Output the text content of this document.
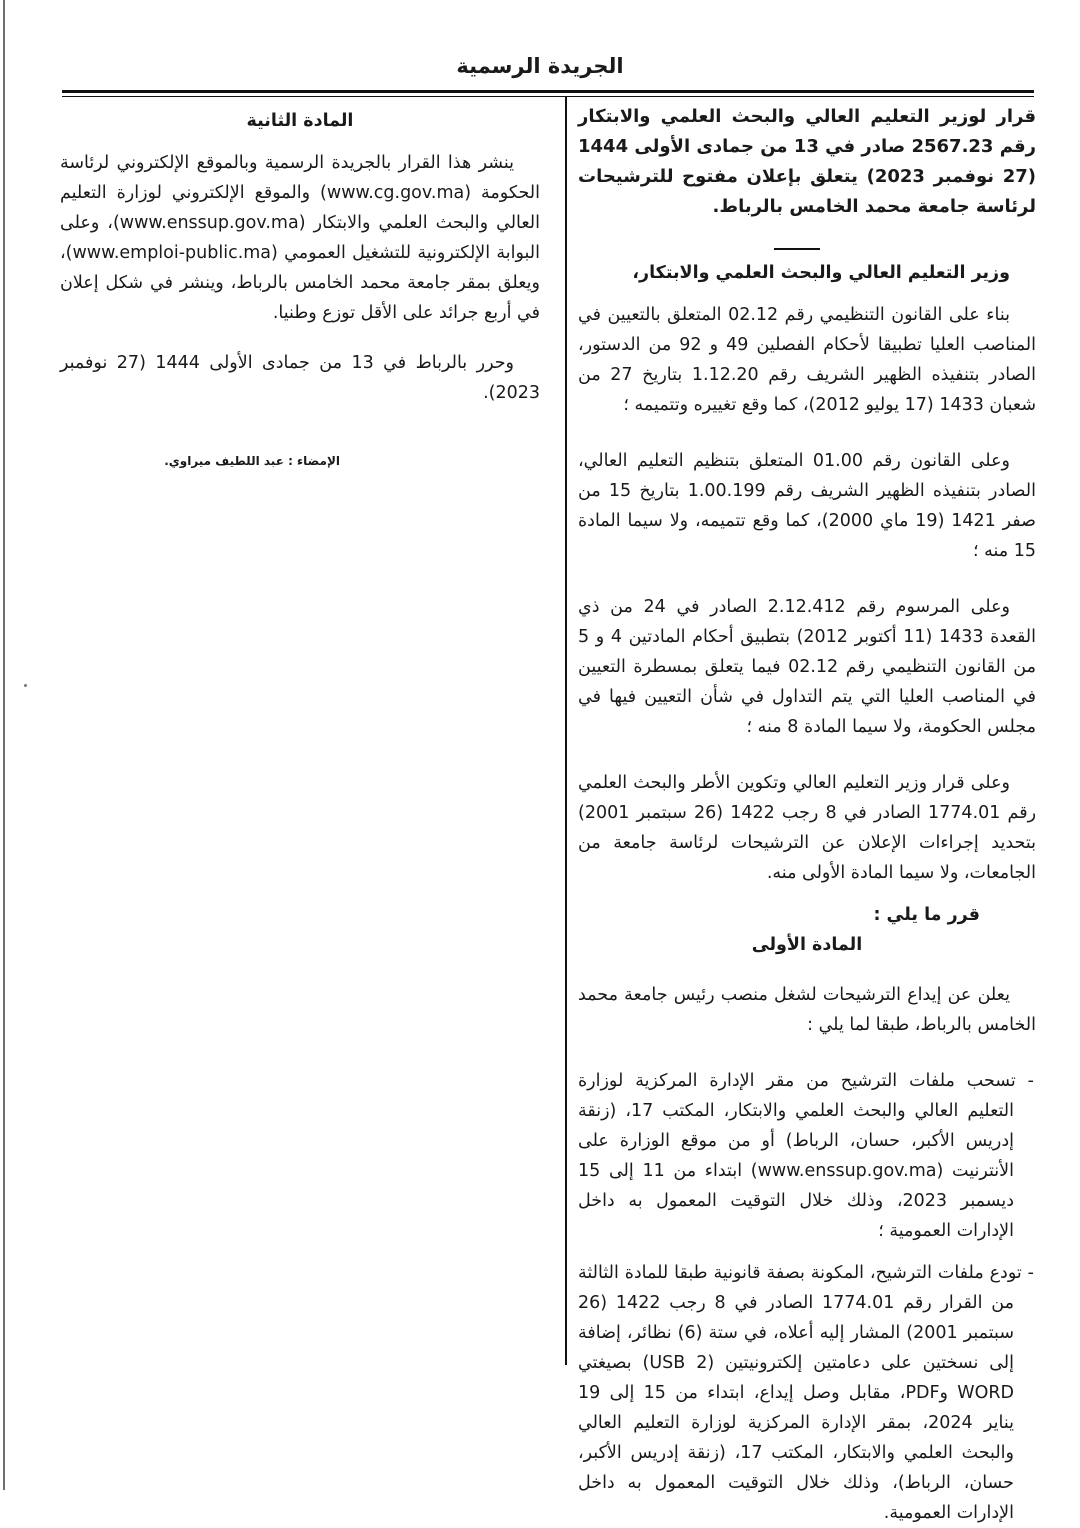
الجريدة الرسمية

قرار لوزير التعليم العالي والبحث العلمي والابتكار رقم 2567.23 صادر في 13 من جمادى الأولى 1444 (27 نوفمبر 2023) يتعلق بإعلان مفتوح للترشيحات لرئاسة جامعة محمد الخامس بالرباط.

وزير التعليم العالي والبحث العلمي والابتكار،

بناء على القانون التنظيمي رقم 02.12 المتعلق بالتعيين في المناصب العليا تطبيقا لأحكام الفصلين 49 و 92 من الدستور، الصادر بتنفيذه الظهير الشريف رقم 1.12.20 بتاريخ 27 من شعبان 1433 (17 يوليو 2012)، كما وقع تغييره وتتميمه ؛

وعلى القانون رقم 01.00 المتعلق بتنظيم التعليم العالي، الصادر بتنفيذه الظهير الشريف رقم 1.00.199 بتاريخ 15 من صفر 1421 (19 ماي 2000)، كما وقع تتميمه، ولا سيما المادة 15 منه ؛

وعلى المرسوم رقم 2.12.412 الصادر في 24 من ذي القعدة 1433 (11 أكتوبر 2012) بتطبيق أحكام المادتين 4 و 5 من القانون التنظيمي رقم 02.12 فيما يتعلق بمسطرة التعيين في المناصب العليا التي يتم التداول في شأن التعيين فيها في مجلس الحكومة، ولا سيما المادة 8 منه ؛

وعلى قرار وزير التعليم العالي وتكوين الأطر والبحث العلمي رقم 1774.01 الصادر في 8 رجب 1422 (26 سبتمبر 2001) بتحديد إجراءات الإعلان عن الترشيحات لرئاسة جامعة من الجامعات، ولا سيما المادة الأولى منه.

قرر ما يلي :

المادة الأولى

يعلن عن إيداع الترشيحات لشغل منصب رئيس جامعة محمد الخامس بالرباط، طبقا لما يلي :

- تسحب ملفات الترشيح من مقر الإدارة المركزية لوزارة التعليم العالي والبحث العلمي والابتكار، المكتب 17، (زنقة إدريس الأكبر، حسان، الرباط) أو من موقع الوزارة على الأنترنيت (www.enssup.gov.ma) ابتداء من 11 إلى 15 ديسمبر 2023، وذلك خلال التوقيت المعمول به داخل الإدارات العمومية ؛

- تودع ملفات الترشيح، المكونة بصفة قانونية طبقا للمادة الثالثة من القرار رقم 1774.01 الصادر في 8 رجب 1422 (26 سبتمبر 2001) المشار إليه أعلاه، في ستة (6) نظائر، إضافة إلى نسختين على دعامتين إلكترونيتين (2 USB) بصيغتي WORD وPDF، مقابل وصل إيداع، ابتداء من 15 إلى 19 يناير 2024، بمقر الإدارة المركزية لوزارة التعليم العالي والبحث العلمي والابتكار، المكتب 17، (زنقة إدريس الأكبر، حسان، الرباط)، وذلك خلال التوقيت المعمول به داخل الإدارات العمومية.

المادة الثانية

ينشر هذا القرار بالجريدة الرسمية وبالموقع الإلكتروني لرئاسة الحكومة (www.cg.gov.ma) والموقع الإلكتروني لوزارة التعليم العالي والبحث العلمي والابتكار (www.enssup.gov.ma)، وعلى البوابة الإلكترونية للتشغيل العمومي (www.emploi-public.ma)، ويعلق بمقر جامعة محمد الخامس بالرباط، وينشر في شكل إعلان في أربع جرائد على الأقل توزع وطنيا.

وحرر بالرباط في 13 من جمادى الأولى 1444 (27 نوفمبر 2023).

الإمضاء : عبد اللطيف ميراوي.
